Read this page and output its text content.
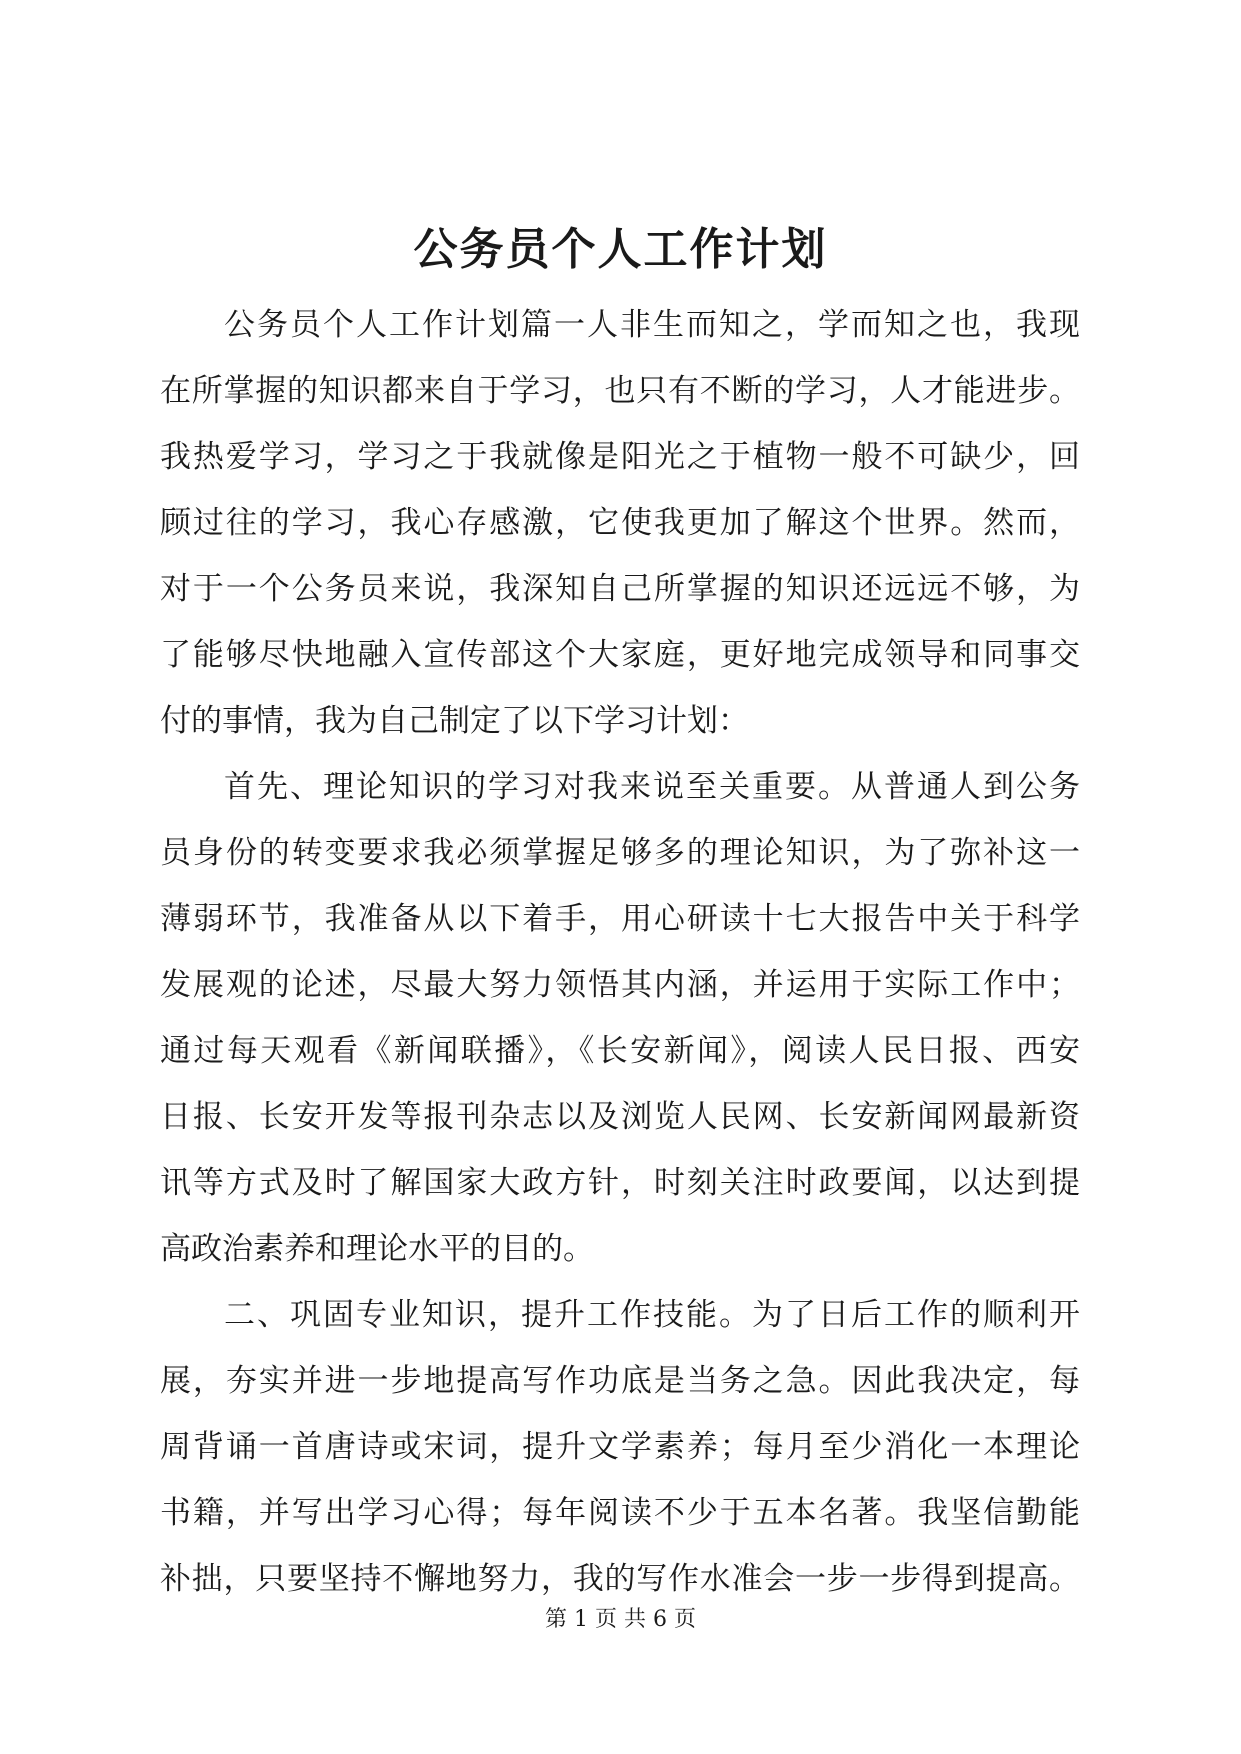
公务员个人工作计划
公务员个人工作计划篇一人非生而知之，学而知之也，我现
在所掌握的知识都来自于学习，也只有不断的学习，人才能进步。
我热爱学习，学习之于我就像是阳光之于植物一般不可缺少，回
顾过往的学习，我心存感激，它使我更加了解这个世界。然而，
对于一个公务员来说，我深知自己所掌握的知识还远远不够，为
了能够尽快地融入宣传部这个大家庭，更好地完成领导和同事交
付的事情，我为自己制定了以下学习计划：
首先、理论知识的学习对我来说至关重要。从普通人到公务
员身份的转变要求我必须掌握足够多的理论知识，为了弥补这一
薄弱环节，我准备从以下着手，用心研读十七大报告中关于科学
发展观的论述，尽最大努力领悟其内涵，并运用于实际工作中；
通过每天观看《新闻联播》，《长安新闻》，阅读人民日报、西安
日报、长安开发等报刊杂志以及浏览人民网、长安新闻网最新资
讯等方式及时了解国家大政方针，时刻关注时政要闻，以达到提
高政治素养和理论水平的目的。
二、巩固专业知识，提升工作技能。为了日后工作的顺利开
展，夯实并进一步地提高写作功底是当务之急。因此我决定，每
周背诵一首唐诗或宋词，提升文学素养；每月至少消化一本理论
书籍，并写出学习心得；每年阅读不少于五本名著。我坚信勤能
补拙，只要坚持不懈地努力，我的写作水准会一步一步得到提高。
第 1 页 共 6 页
